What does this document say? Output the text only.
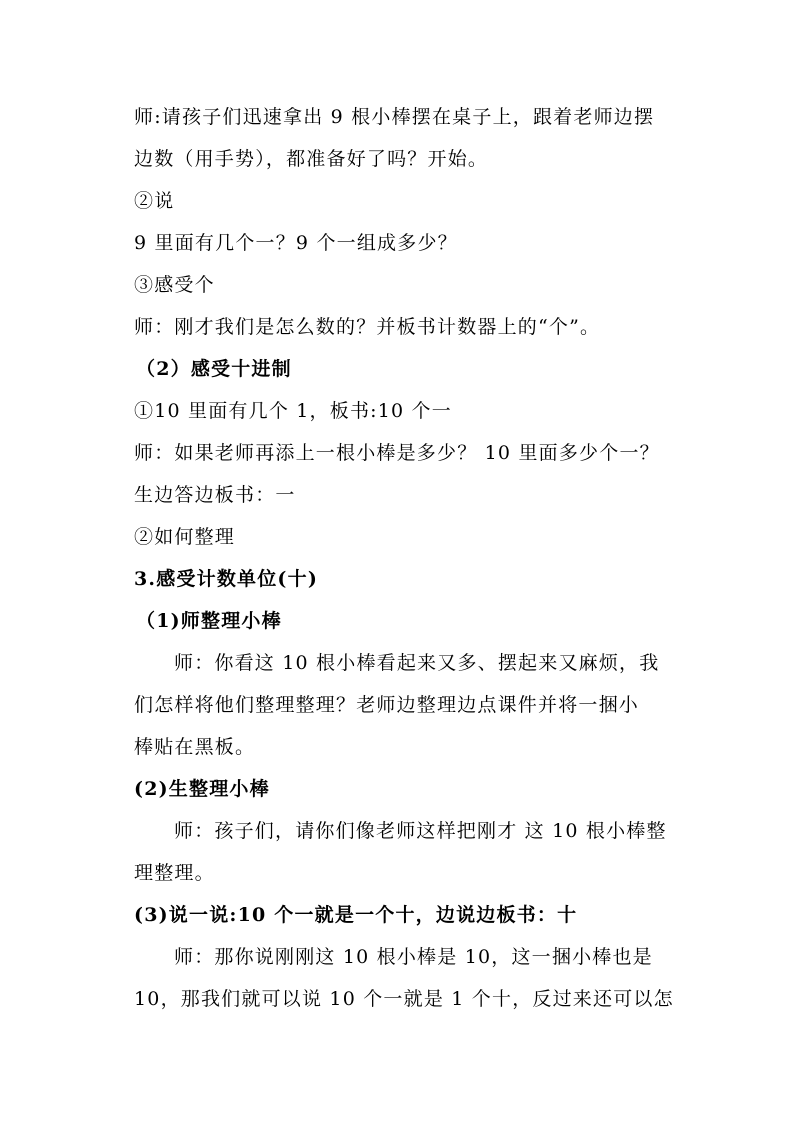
师:请孩子们迅速拿出 9 根小棒摆在桌子上，跟着老师边摆
边数（用手势），都准备好了吗？开始。
②说
9 里面有几个一？9 个一组成多少？
③感受个
师：刚才我们是怎么数的？并板书计数器上的“个”。
（2）感受十进制
①10 里面有几个 1，板书:10 个一
师：如果老师再添上一根小棒是多少？ 10 里面多少个一？
生边答边板书：一
②如何整理
3.感受计数单位(十)
（1)师整理小棒
师：你看这 10 根小棒看起来又多、摆起来又麻烦，我
们怎样将他们整理整理？老师边整理边点课件并将一捆小
棒贴在黑板。
(2)生整理小棒
师：孩子们，请你们像老师这样把刚才 这 10 根小棒整
理整理。
(3)说一说:10 个一就是一个十，边说边板书：十
师：那你说刚刚这 10 根小棒是 10，这一捆小棒也是
10，那我们就可以说 10 个一就是 1 个十，反过来还可以怎
